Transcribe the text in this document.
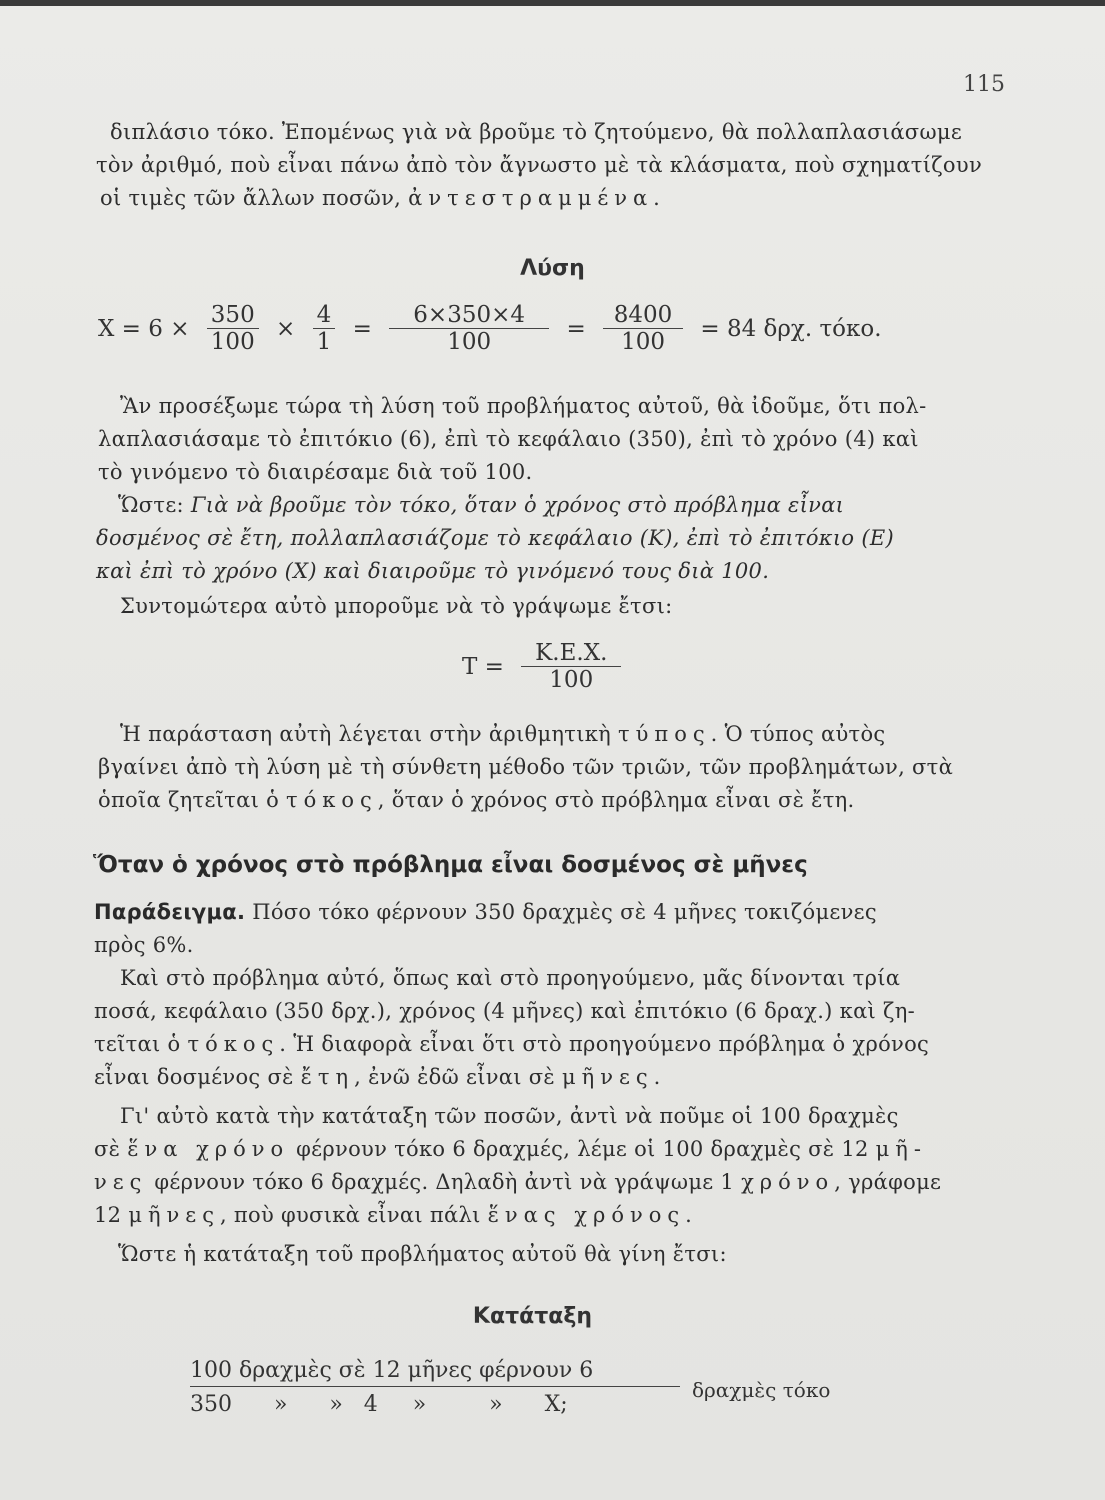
115
διπλάσιο τόκο. Ἐπομένως γιὰ νὰ βροῦμε τὸ ζητούμενο, θὰ πολλαπλασιάσωμε
τὸν ἀριθμό, ποὺ εἶναι πάνω ἀπὸ τὸν ἄγνωστο μὲ τὰ κλάσματα, ποὺ σχηματίζουν
οἱ τιμὲς τῶν ἄλλων ποσῶν, ἀντεστραμμένα.
Λύση
$X = 6 \times \frac{350}{100} \times \frac{4}{1} = \frac{6\times 350\times 4}{100} = \frac{8400}{100} = 84$ δρχ. τόκο.
Ἂν προσέξωμε τώρα τὴ λύση τοῦ προβλήματος αὐτοῦ, θὰ ἰδοῦμε, ὅτι πολ-
λαπλασιάσαμε τὸ ἐπιτόκιο (6), ἐπὶ τὸ κεφάλαιο (350), ἐπὶ τὸ χρόνο (4) καὶ
τὸ γινόμενο τὸ διαιρέσαμε διὰ τοῦ 100.
Ὥστε: Γιὰ νὰ βροῦμε τὸν τόκο, ὅταν ὁ χρόνος στὸ πρόβλημα εἶναι
δοσμένος σὲ ἔτη, πολλαπλασιάζομε τὸ κεφάλαιο (Κ), ἐπὶ τὸ ἐπιτόκιο (Ε)
καὶ ἐπὶ τὸ χρόνο (Χ) καὶ διαιροῦμε τὸ γινόμενό τους διὰ 100.
Συντομώτερα αὐτὸ μποροῦμε νὰ τὸ γράψωμε ἔτσι:
$T = \frac{K.E.X.}{100}$
Ἡ παράσταση αὐτὴ λέγεται στὴν ἀριθμητικὴ τύπος. Ὁ τύπος αὐτὸς
βγαίνει ἀπὸ τὴ λύση μὲ τὴ σύνθετη μέθοδο τῶν τριῶν, τῶν προβλημάτων, στὰ
ὁποῖα ζητεῖται ὁ τόκος, ὅταν ὁ χρόνος στὸ πρόβλημα εἶναι σὲ ἔτη.
Ὅταν ὁ χρόνος στὸ πρόβλημα εἶναι δοσμένος σὲ μῆνες
Παράδειγμα. Πόσο τόκο φέρνουν 350 δραχμὲς σὲ 4 μῆνες τοκιζόμενες
πρὸς 6%.
Καὶ στὸ πρόβλημα αὐτό, ὅπως καὶ στὸ προηγούμενο, μᾶς δίνονται τρία
ποσά, κεφάλαιο (350 δρχ.), χρόνος (4 μῆνες) καὶ ἐπιτόκιο (6 δραχ.) καὶ ζη-
τεῖται ὁ τόκος. Ἡ διαφορὰ εἶναι ὅτι στὸ προηγούμενο πρόβλημα ὁ χρόνος
εἶναι δοσμένος σὲ ἔτη, ἐνῶ ἐδῶ εἶναι σὲ μῆνες.
Γι' αὐτὸ κατὰ τὴν κατάταξη τῶν ποσῶν, ἀντὶ νὰ ποῦμε οἱ 100 δραχμὲς
σὲ ἕνα χρόνο φέρνουν τόκο 6 δραχμές, λέμε οἱ 100 δραχμὲς σὲ 12 μῆ-
νες φέρνουν τόκο 6 δραχμές. Δηλαδὴ ἀντὶ νὰ γράψωμε 1 χρόνο, γράφομε
12 μῆνες, ποὺ φυσικὰ εἶναι πάλι ἕνας χρόνος.
Ὥστε ἡ κατάταξη τοῦ προβλήματος αὐτοῦ θὰ γίνη ἔτσι:
Κατάταξη
100 δραχμὲς σὲ 12 μῆνες φέρνουν 6
350      »      »   4     »         »      X;
δραχμὲς τόκο
